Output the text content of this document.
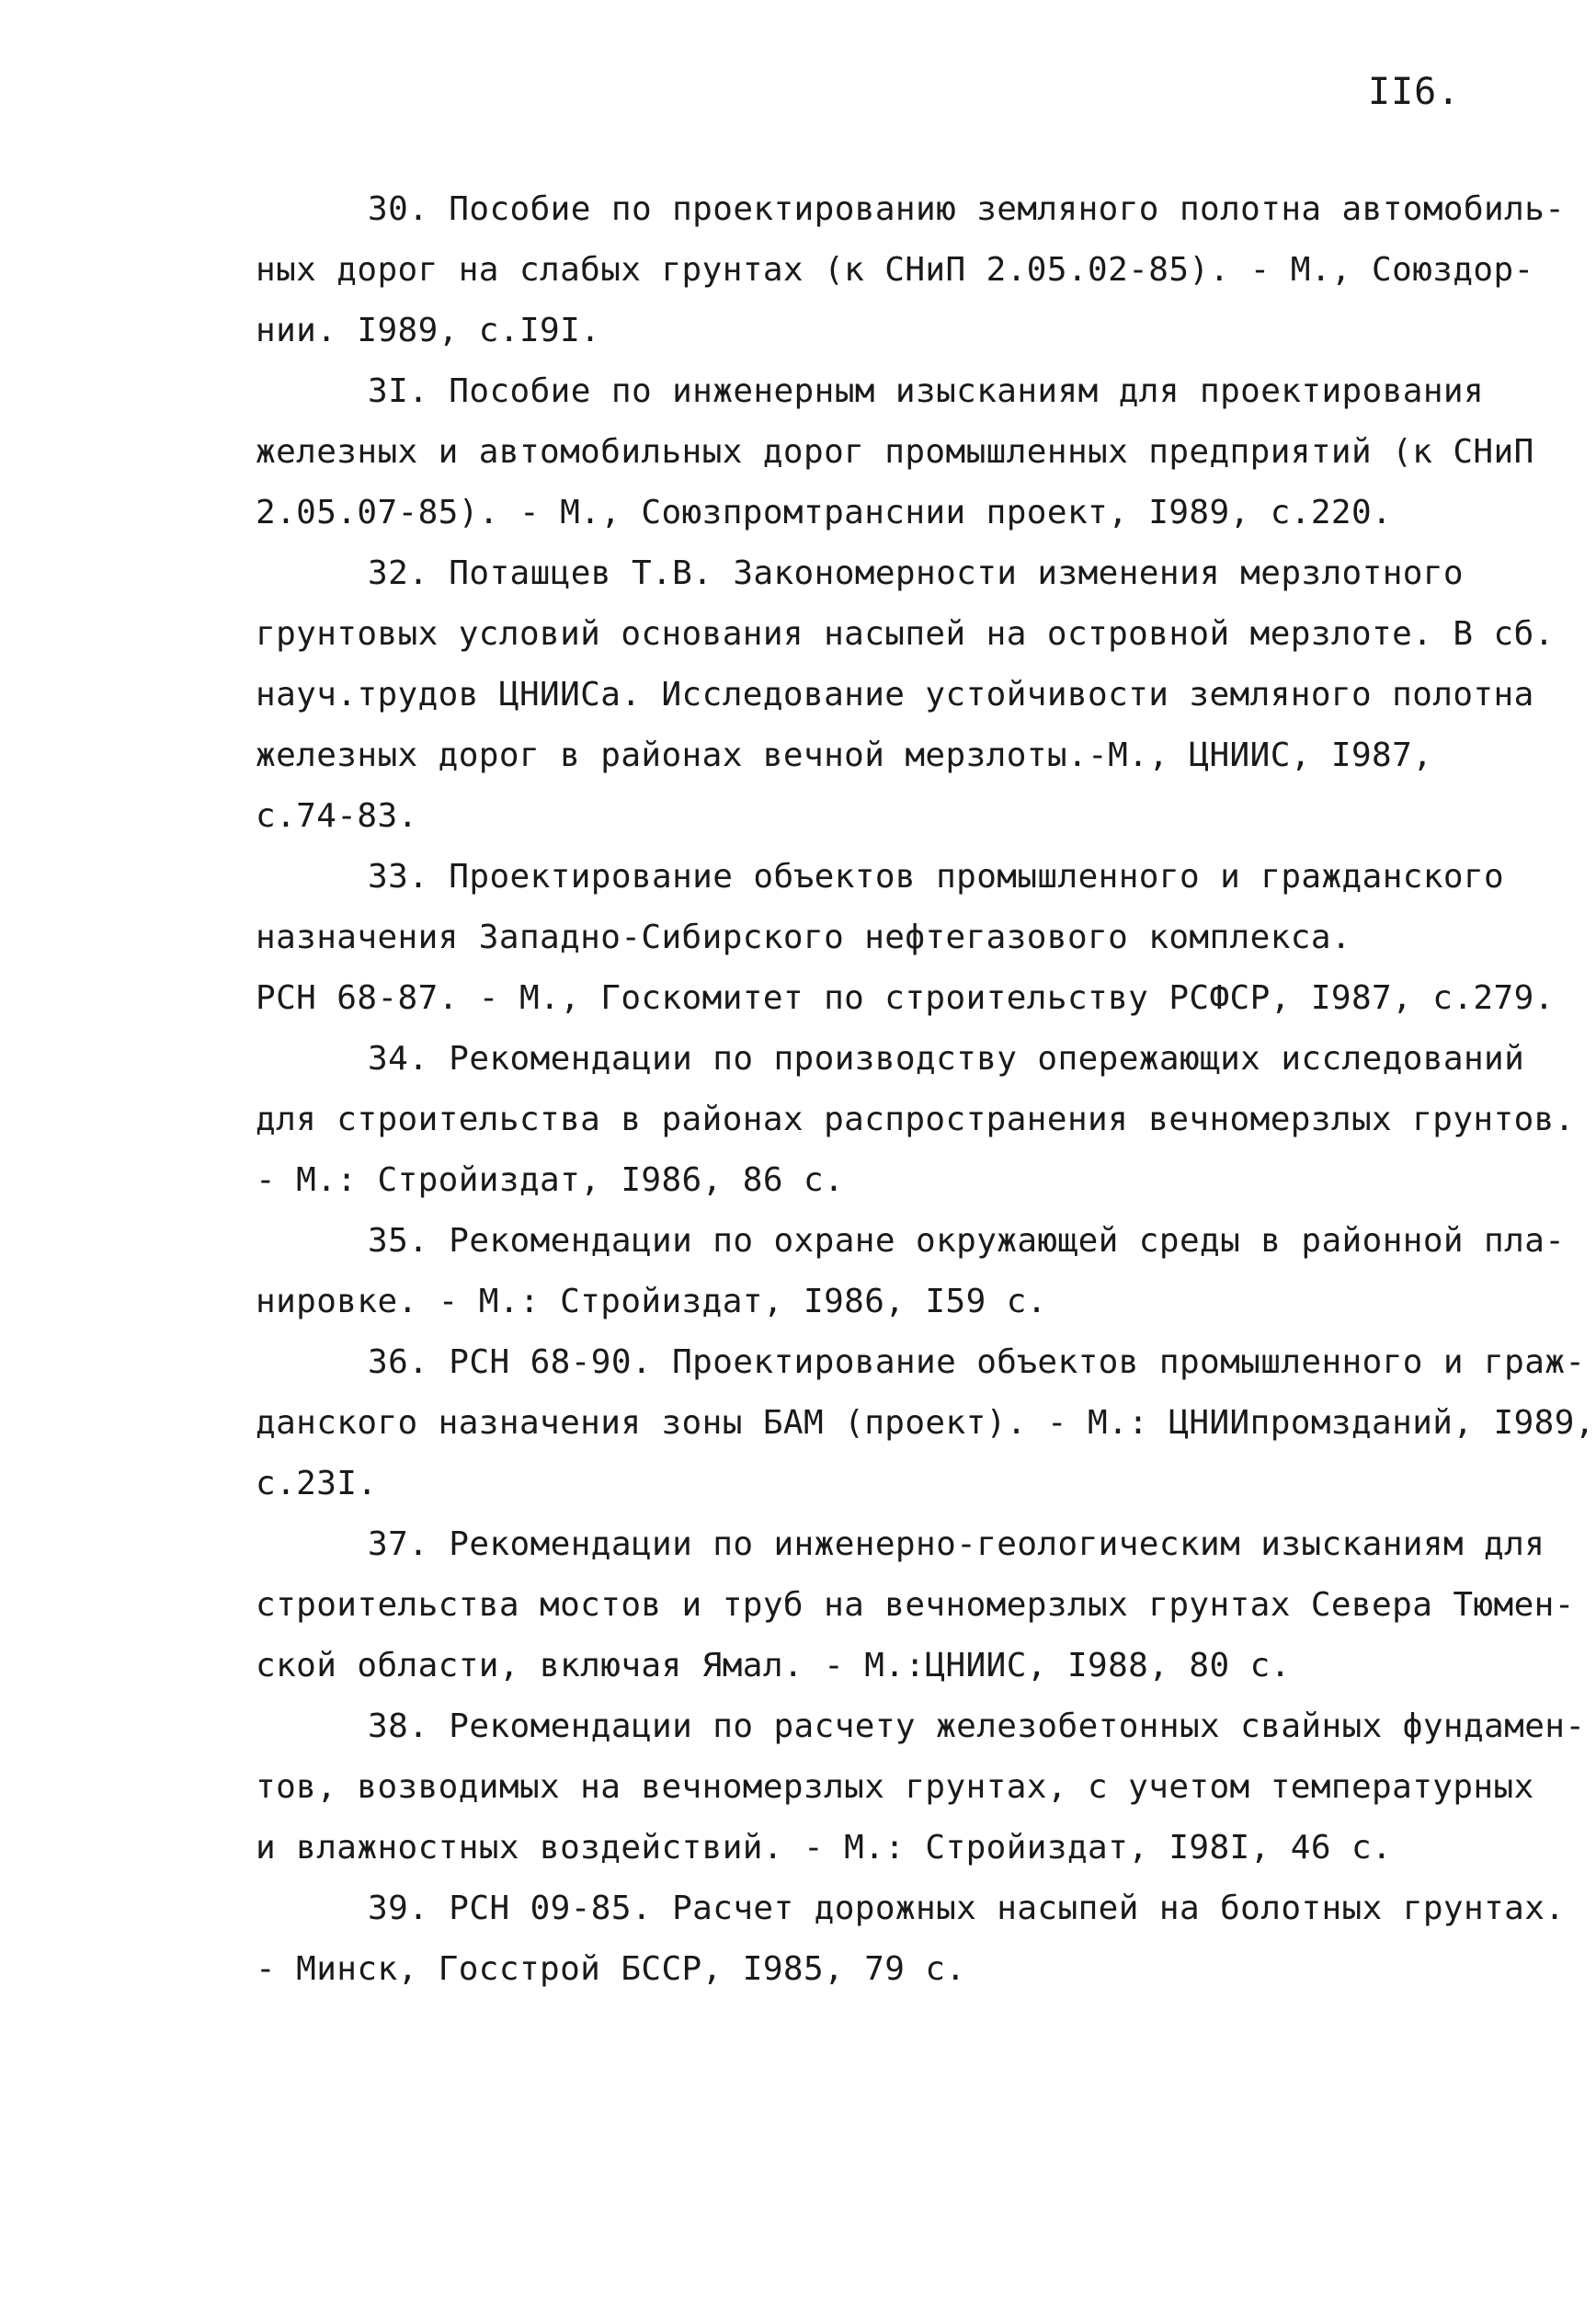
II6.
30. Пособие по проектированию земляного полотна автомобиль-
ных дорог на слабых грунтах (к СНиП 2.05.02-85). - М., Союздор-
нии. I989, с.I9I.
3I. Пособие по инженерным изысканиям для проектирования
железных и автомобильных дорог промышленных предприятий (к СНиП
2.05.07-85). - М., Союзпромтранснии проект, I989, с.220.
32. Поташцев Т.В. Закономерности изменения мерзлотного
грунтовых условий основания насыпей на островной мерзлоте. В сб.
науч.трудов ЦНИИСа. Исследование устойчивости земляного полотна
железных дорог в районах вечной мерзлоты.-М., ЦНИИС, I987,
с.74-83.
33. Проектирование объектов промышленного и гражданского
назначения Западно-Сибирского нефтегазового комплекса.
РСН 68-87. - М., Госкомитет по строительству РСФСР, I987, с.279.
34. Рекомендации по производству опережающих исследований
для строительства в районах распространения вечномерзлых грунтов.
- М.: Стройиздат, I986, 86 с.
35. Рекомендации по охране окружающей среды в районной пла-
нировке. - М.: Стройиздат, I986, I59 с.
36. РСН 68-90. Проектирование объектов промышленного и граж-
данского назначения зоны БАМ (проект). - М.: ЦНИИпромзданий, I989,
с.23I.
37. Рекомендации по инженерно-геологическим изысканиям для
строительства мостов и труб на вечномерзлых грунтах Севера Тюмен-
ской области, включая Ямал. - М.:ЦНИИС, I988, 80 с.
38. Рекомендации по расчету железобетонных свайных фундамен-
тов, возводимых на вечномерзлых грунтах, с учетом температурных
и влажностных воздействий. - М.: Стройиздат, I98I, 46 с.
39. РСН 09-85. Расчет дорожных насыпей на болотных грунтах.
- Минск, Госстрой БССР, I985, 79 с.
